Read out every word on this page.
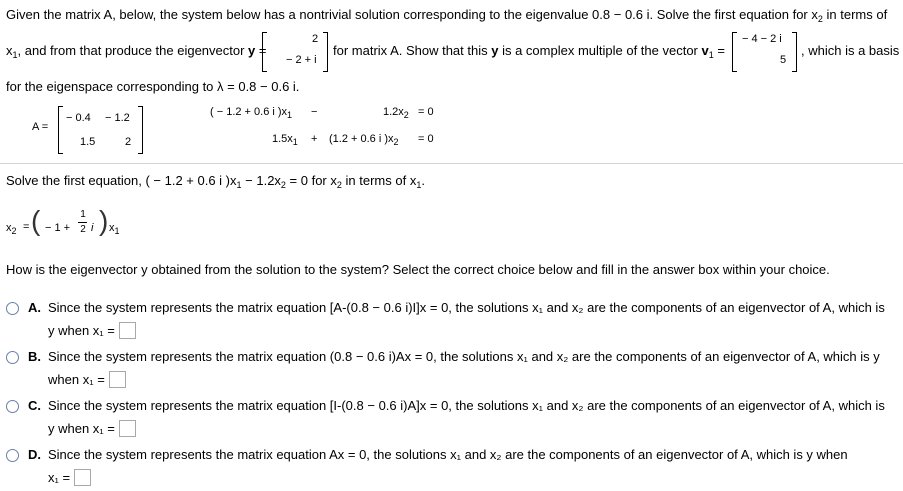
Given the matrix A, below, the system below has a nontrivial solution corresponding to the eigenvalue 0.8 − 0.6 i. Solve the first equation for $x_2$ in terms of
$x_1$, and from that produce the eigenvector y =
2
− 2 + i
for matrix A. Show that this y is a complex multiple of the vector $v_1$ =
− 4 − 2 i
5
, which is a basis
for the eigenspace corresponding to λ = 0.8 − 0.6 i.
A =
− 0.4 − 1.2
1.5	2
( − 1.2 + 0.6 i )$x_1$ −	$1.2x_2 = 0$
$1.5x_1 + (1.2 + 0.6$ i )$x_2 = 0$
Solve the first equation, ( − 1.2 + 0.6 i )$x_1 - 1.2x_2 = 0$ for $x_2$ in terms of $x_1$.
$x_2$ = ( − 1 +
1
2 i ) $x_1$
How is the eigenvector y obtained from the solution to the system? Select the correct choice below and fill in the answer box within your choice.
A. Since the system represents the matrix equation [A-(0.8 − 0.6 i)I]x = 0, the solutions x₁ and x₂ are the components of an eigenvector of A, which is
y when x₁ =
B. Since the system represents the matrix equation (0.8 − 0.6 i)Ax = 0, the solutions x₁ and x₂ are the components of an eigenvector of A, which is y
when x₁ =
C. Since the system represents the matrix equation [I-(0.8 − 0.6 i)A]x = 0, the solutions x₁ and x₂ are the components of an eigenvector of A, which is
y when x₁ =
D. Since the system represents the matrix equation Ax = 0, the solutions x₁ and x₂ are the components of an eigenvector of A, which is y when
x₁ =
